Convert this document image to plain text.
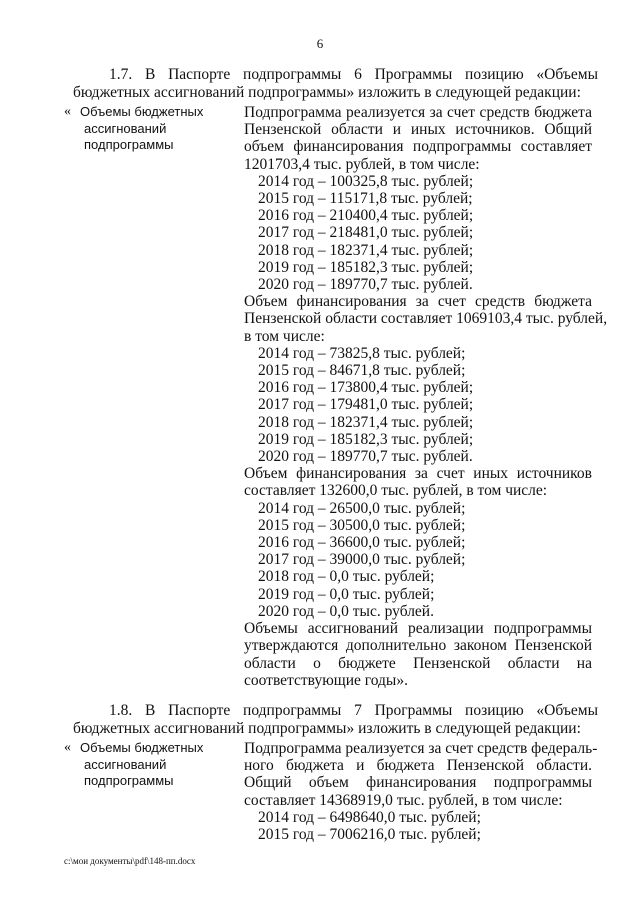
6
1.7. В Паспорте подпрограммы 6 Программы позицию «Объемы
бюджетных ассигнований подпрограммы» изложить в следующей редакции:
« Объемы бюджетных
ассигнований
подпрограммы
Подпрограмма реализуется за счет средств бюджета
Пензенской области и иных источников. Общий
объем финансирования подпрограммы составляет
1201703,4 тыс. рублей, в том числе:
2014 год – 100325,8 тыс. рублей;
2015 год – 115171,8 тыс. рублей;
2016 год – 210400,4 тыс. рублей;
2017 год – 218481,0 тыс. рублей;
2018 год – 182371,4 тыс. рублей;
2019 год – 185182,3 тыс. рублей;
2020 год – 189770,7 тыс. рублей.
Объем финансирования за счет средств бюджета
Пензенской области составляет 1069103,4 тыс. рублей,
в том числе:
2014 год – 73825,8 тыс. рублей;
2015 год – 84671,8 тыс. рублей;
2016 год – 173800,4 тыс. рублей;
2017 год – 179481,0 тыс. рублей;
2018 год – 182371,4 тыс. рублей;
2019 год – 185182,3 тыс. рублей;
2020 год – 189770,7 тыс. рублей.
Объем финансирования за счет иных источников
составляет 132600,0 тыс. рублей, в том числе:
2014 год – 26500,0 тыс. рублей;
2015 год – 30500,0 тыс. рублей;
2016 год – 36600,0 тыс. рублей;
2017 год – 39000,0 тыс. рублей;
2018 год – 0,0 тыс. рублей;
2019 год – 0,0 тыс. рублей;
2020 год – 0,0 тыс. рублей.
Объемы ассигнований реализации подпрограммы
утверждаются дополнительно законом Пензенской
области о бюджете Пензенской области на
соответствующие годы».
1.8. В Паспорте подпрограммы 7 Программы позицию «Объемы
бюджетных ассигнований подпрограммы» изложить в следующей редакции:
« Объемы бюджетных
ассигнований
подпрограммы
Подпрограмма реализуется за счет средств федераль-
ного бюджета и бюджета Пензенской области.
Общий объем финансирования подпрограммы
составляет 14368919,0 тыс. рублей, в том числе:
2014 год – 6498640,0 тыс. рублей;
2015 год – 7006216,0 тыс. рублей;
c:\мои документы\pdf\148-пп.docx
